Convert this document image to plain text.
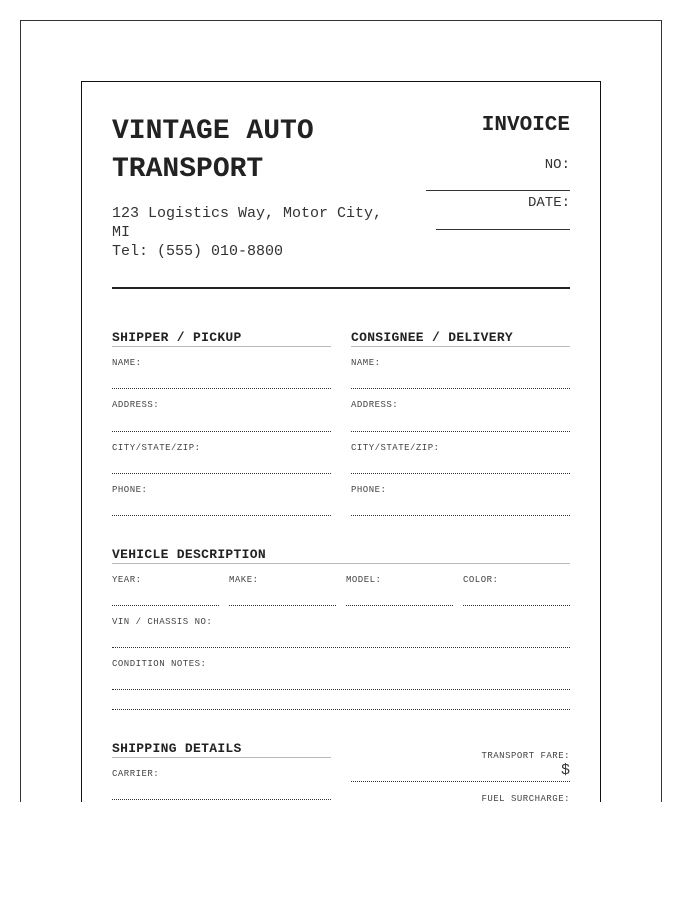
VINTAGE AUTO
TRANSPORT
123 Logistics Way, Motor City,
MI
Tel: (555) 010-8800
INVOICE
NO:
DATE:
SHIPPER / PICKUP
NAME:
ADDRESS:
CITY/STATE/ZIP:
PHONE:
CONSIGNEE / DELIVERY
NAME:
ADDRESS:
CITY/STATE/ZIP:
PHONE:
VEHICLE DESCRIPTION
YEAR:	MAKE:	MODEL:	COLOR:
VIN / CHASSIS NO:
CONDITION NOTES:
SHIPPING DETAILS
CARRIER:
TRANSPORT FARE:
$
FUEL SURCHARGE:
